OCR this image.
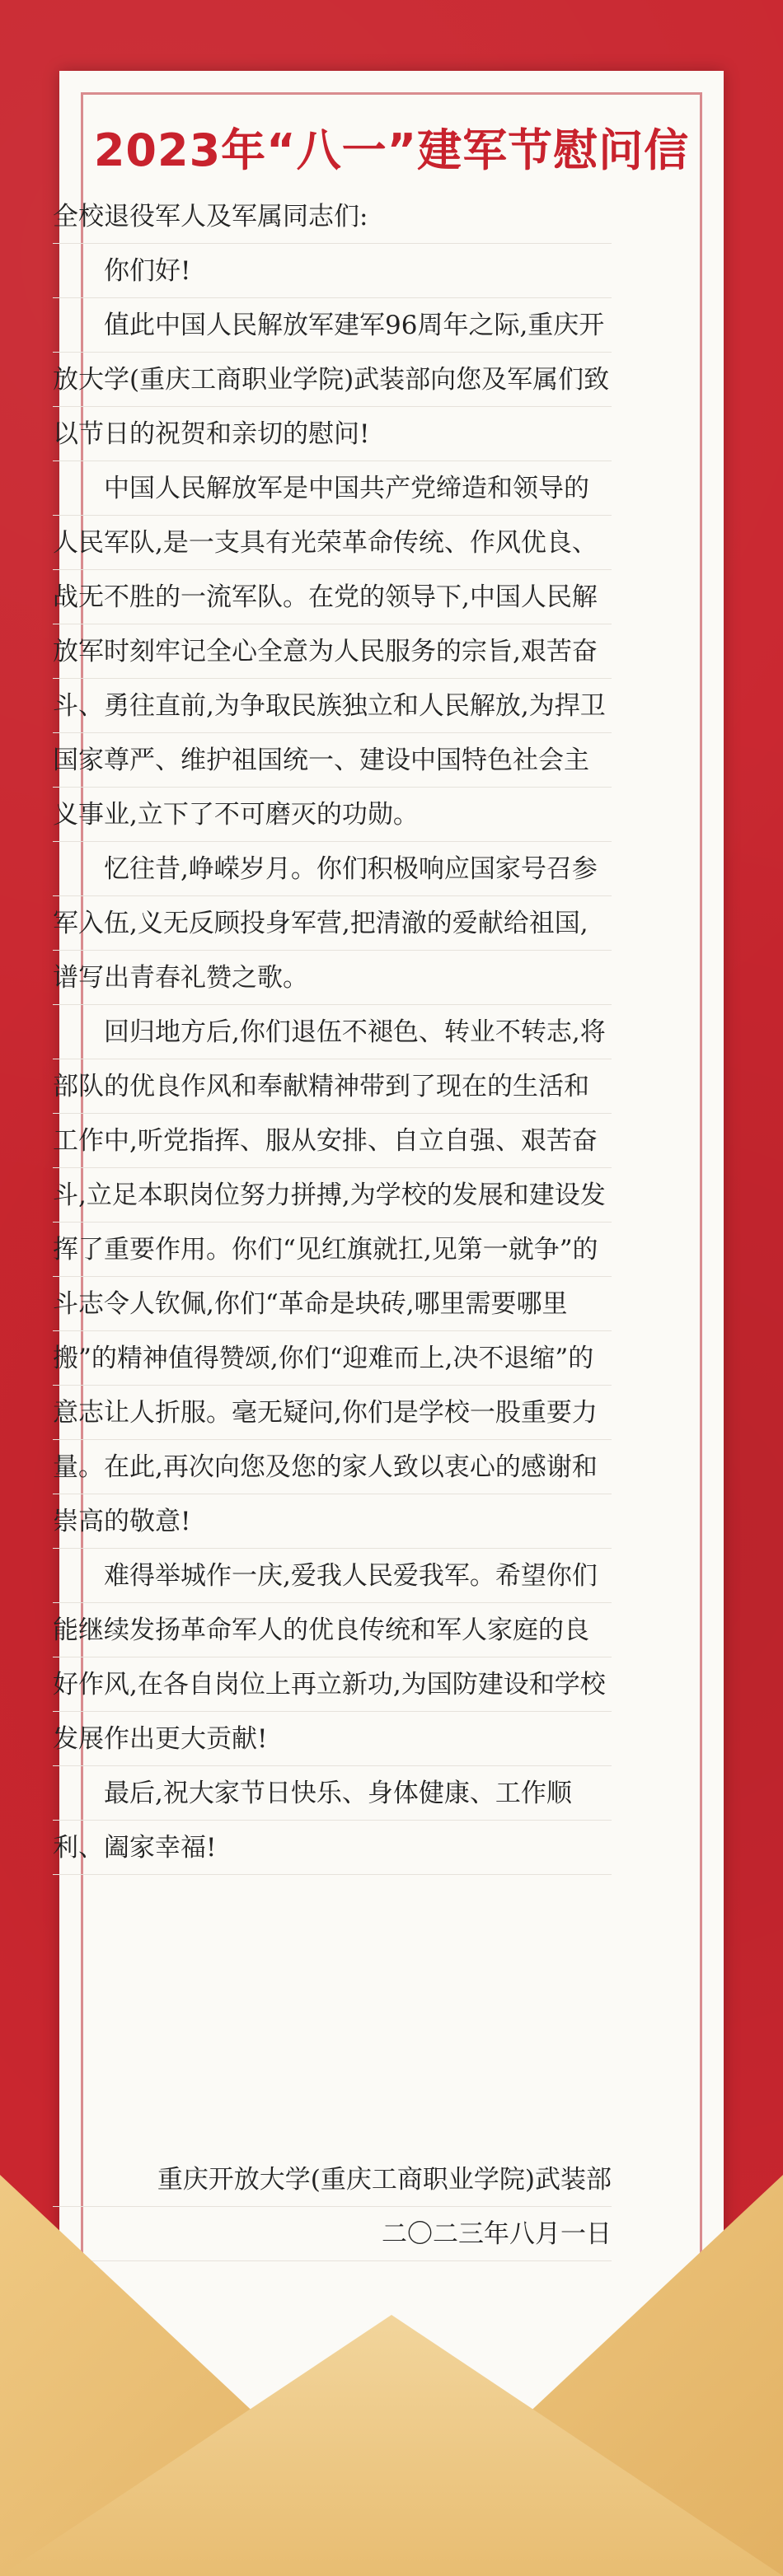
2023年“八一”建军节慰问信

全校退役军人及军属同志们:

你们好!

值此中国人民解放军建军96周年之际,重庆开放大学(重庆工商职业学院)武装部向您及军属们致以节日的祝贺和亲切的慰问!

中国人民解放军是中国共产党缔造和领导的人民军队,是一支具有光荣革命传统、作风优良、战无不胜的一流军队。在党的领导下,中国人民解放军时刻牢记全心全意为人民服务的宗旨,艰苦奋斗、勇往直前,为争取民族独立和人民解放,为捍卫国家尊严、维护祖国统一、建设中国特色社会主义事业,立下了不可磨灭的功勋。

忆往昔,峥嵘岁月。你们积极响应国家号召参军入伍,义无反顾投身军营,把清澈的爱献给祖国,谱写出青春礼赞之歌。

回归地方后,你们退伍不褪色、转业不转志,将部队的优良作风和奉献精神带到了现在的生活和工作中,听党指挥、服从安排、自立自强、艰苦奋斗,立足本职岗位努力拼搏,为学校的发展和建设发挥了重要作用。你们“见红旗就扛,见第一就争”的斗志令人钦佩,你们“革命是块砖,哪里需要哪里搬”的精神值得赞颂,你们“迎难而上,决不退缩”的意志让人折服。毫无疑问,你们是学校一股重要力量。在此,再次向您及您的家人致以衷心的感谢和崇高的敬意!

难得举城作一庆,爱我人民爱我军。希望你们能继续发扬革命军人的优良传统和军人家庭的良好作风,在各自岗位上再立新功,为国防建设和学校发展作出更大贡献!

最后,祝大家节日快乐、身体健康、工作顺利、阖家幸福!

重庆开放大学(重庆工商职业学院)武装部

二〇二三年八月一日
